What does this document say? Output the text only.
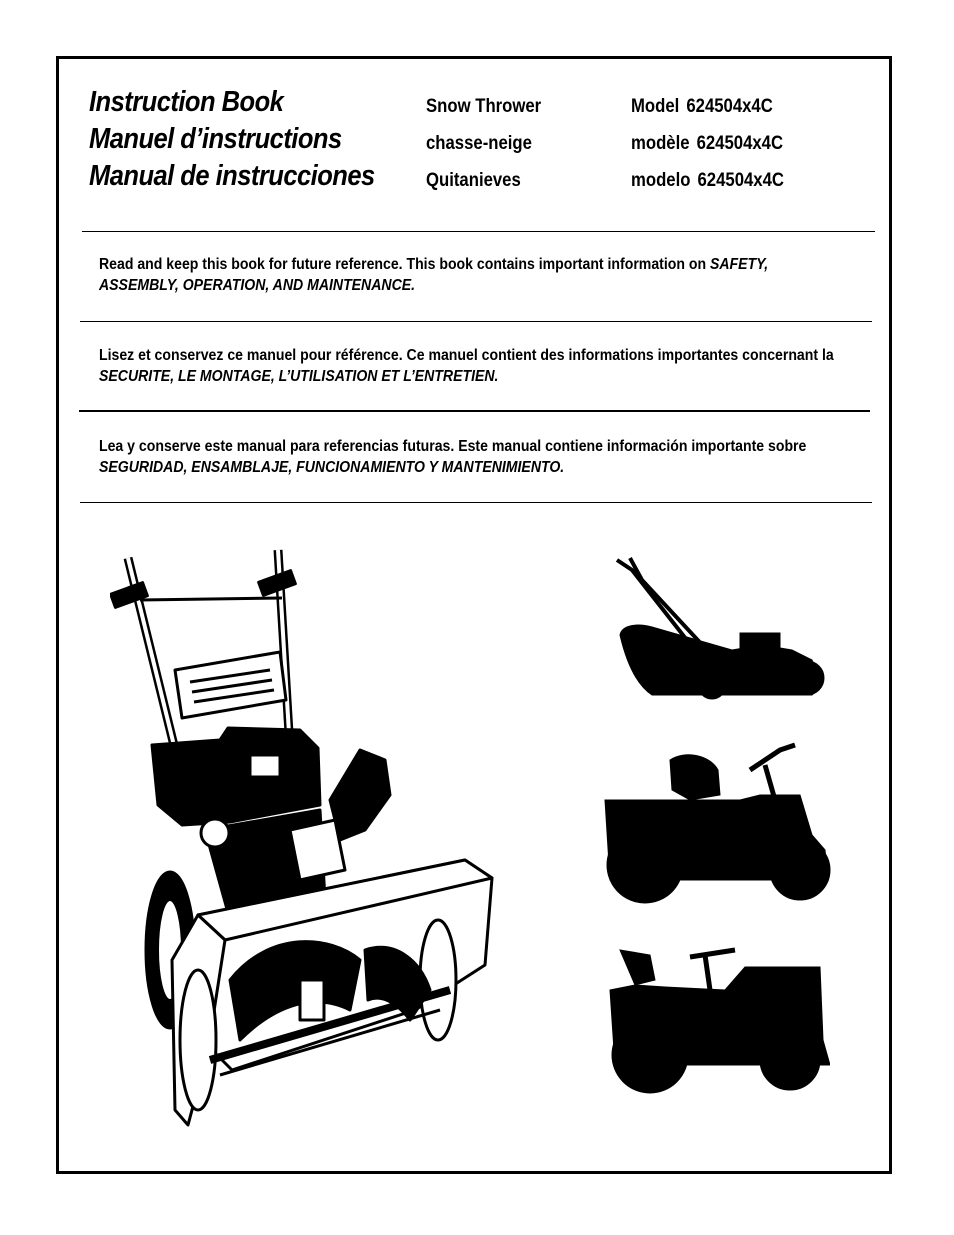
Instruction Book
Manuel d’instructions
Manual de instrucciones
Snow Thrower
chasse-neige
Quitanieves
Model 624504x4C
modèle 624504x4C
modelo 624504x4C
Read and keep this book for future reference. This book contains important information on SAFETY, ASSEMBLY, OPERATION, AND MAINTENANCE.
Lisez et conservez ce manuel pour référence. Ce manuel contient des informations importantes concernant la SECURITE, LE MONTAGE, L’UTILISATION ET L’ENTRETIEN.
Lea y conserve este manual para referencias futuras. Este manual contiene información importante sobre SEGURIDAD, ENSAMBLAJE, FUNCIONAMIENTO Y MANTENIMIENTO.
